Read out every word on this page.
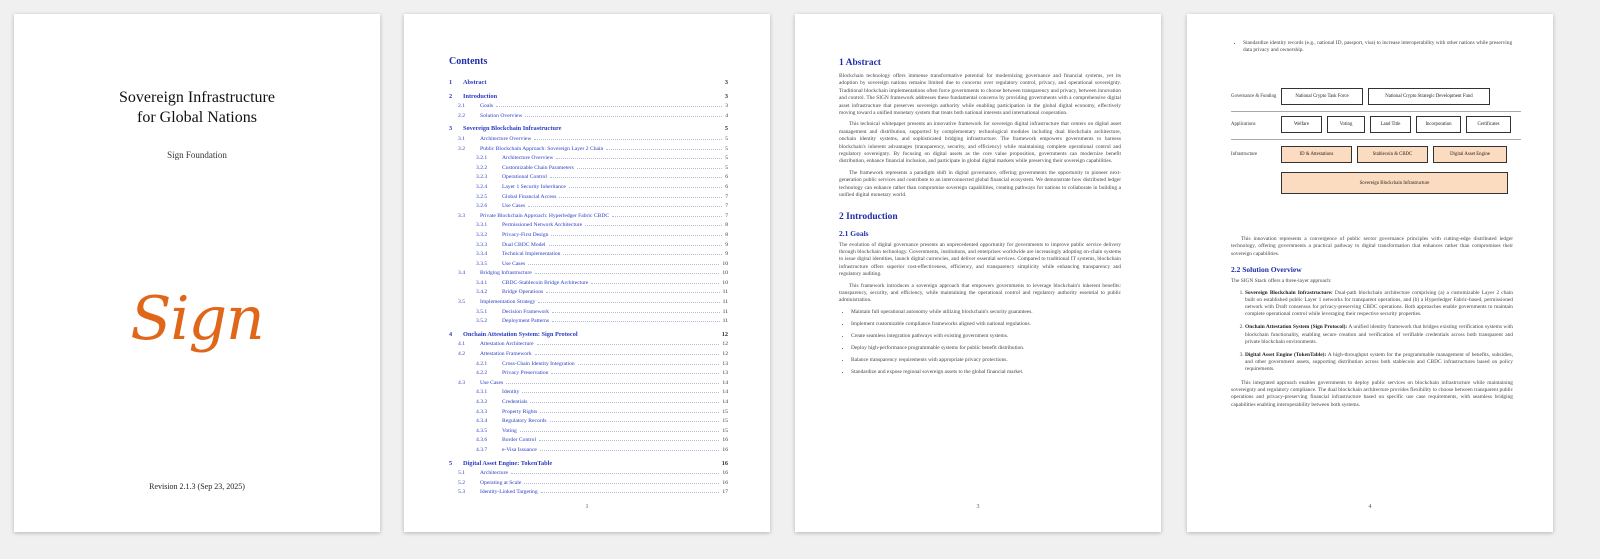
Sovereign Infrastructure
for Global Nations
Sign Foundation
Sign
Revision 2.1.3 (Sep 23, 2025)
Contents
1	Abstract	3
2	Introduction	3
2.1	Goals	3
2.2	Solution Overview	4
3	Sovereign Blockchain Infrastructure	5
3.1	Architecture Overview	5
3.2	Public Blockchain Approach: Sovereign Layer 2 Chain	5
3.2.1	Architecture Overview	5
3.2.2	Customizable Chain Parameters	5
3.2.3	Operational Control	6
3.2.4	Layer 1 Security Inheritance	6
3.2.5	Global Financial Access	7
3.2.6	Use Cases	7
3.3	Private Blockchain Approach: Hyperledger Fabric CBDC	7
3.3.1	Permissioned Network Architecture	8
3.3.2	Privacy-First Design	8
3.3.3	Dual CBDC Model	9
3.3.4	Technical Implementation	9
3.3.5	Use Cases	10
3.4	Bridging Infrastructure	10
3.4.1	CBDC-Stablecoin Bridge Architecture	10
3.4.2	Bridge Operations	11
3.5	Implementation Strategy	11
3.5.1	Decision Framework	11
3.5.2	Deployment Patterns	11
4	Onchain Attestation System: Sign Protocol	12
4.1	Attestation Architecture	12
4.2	Attestation Framework	12
4.2.1	Cross-Chain Identity Integration	13
4.2.2	Privacy Preservation	13
4.3	Use Cases	14
4.3.1	Identity	14
4.3.2	Credentials	14
4.3.3	Property Rights	15
4.3.4	Regulatory Records	15
4.3.5	Voting	15
4.3.6	Border Control	16
4.3.7	e-Visa Issuance	16
5	Digital Asset Engine: TokenTable	16
5.1	Architecture	16
5.2	Operating at Scale	16
5.3	Identity-Linked Targeting	17
1
1 Abstract

Blockchain technology offers immense transformative potential for modernizing governance and financial systems, yet its adoption by sovereign nations remains limited due to concerns over regulatory control, privacy, and operational sovereignty. Traditional blockchain implementations often force governments to choose between transparency and privacy, between innovation and control. The SIGN framework addresses these fundamental concerns by providing governments with a comprehensive digital asset infrastructure that preserves sovereign authority while enabling participation in the global digital economy, effectively moving toward a unified monetary system that treats both national interests and international cooperation.

This technical whitepaper presents an innovative framework for sovereign digital infrastructure that centers on digital asset management and distribution, supported by complementary technological modules including dual blockchain architecture, onchain identity systems, and sophisticated bridging infrastructure. The framework empowers governments to harness blockchain's inherent advantages (transparency, security, and efficiency) while maintaining complete operational control and regulatory sovereignty. By focusing on digital assets as the core value proposition, governments can modernize benefit distribution, enhance financial inclusion, and participate in global digital markets while preserving their sovereign capabilities.

The framework represents a paradigm shift in digital governance, offering governments the opportunity to pioneer next-generation public services and contribute to an interconnected global financial ecosystem. We demonstrate how distributed ledger technology can enhance rather than compromise sovereign capabilities, creating pathways for nations to collaborate in building a unified digital monetary world.

2 Introduction
2.1 Goals

The evolution of digital governance presents an unprecedented opportunity for governments to improve public service delivery through blockchain technology. Governments, institutions, and enterprises worldwide are increasingly adopting on-chain systems to issue digital identities, launch digital currencies, and deliver essential services. Compared to traditional IT systems, blockchain infrastructure offers superior cost-effectiveness, efficiency, and transparency simplicity while enhancing transparency and regulatory auditing.

This framework introduces a sovereign approach that empowers governments to leverage blockchain's inherent benefits: transparency, security, and efficiency, while maintaining the operational control and regulatory authority essential to public administration.

• Maintain full operational autonomy while utilizing blockchain's security guarantees.
• Implement customizable compliance frameworks aligned with national regulations.
• Create seamless integration pathways with existing government systems.
• Deploy high-performance programmable systems for public benefit distribution.
• Balance transparency requirements with appropriate privacy protections.
• Standardize and expose regional sovereign assets to the global financial market.
3
• Standardize identity records (e.g., national ID, passport, visa) to increase interoperability with other nations while preserving data privacy and ownership.
Governance & Funding	National Crypto Task Force	National Crypto Strategic Development Fund
Applications	Welfare	Voting	Land Title	Incorporation	Certificates
Infrastructure	ID & Attestations	Stablecoin & CBDC	Digital Asset Engine
Sovereign Blockchain Infrastructure

This innovation represents a convergence of public sector governance principles with cutting-edge distributed ledger technology, offering governments a practical pathway to digital transformation that enhances rather than compromises their sovereign capabilities.

2.2 Solution Overview

The SIGN Stack offers a three-layer approach:

1. Sovereign Blockchain Infrastructure: Dual-path blockchain architecture comprising (a) a customizable Layer 2 chain built on established public Layer 1 networks for transparent operations, and (b) a Hyperledger Fabric-based, permissioned network with Draft consensus for privacy-preserving CBDC operations. Both approaches enable governments to maintain complete operational control while leveraging their respective security properties.
2. Onchain Attestation System (Sign Protocol): A unified identity framework that bridges existing verification systems with blockchain functionality, enabling secure creation and verification of verifiable credentials across both transparent and private blockchain environments.
3. Digital Asset Engine (TokenTable): A high-throughput system for the programmable management of benefits, subsidies, and other government assets, supporting distribution across both stablecoin and CBDC infrastructures based on policy requirements.

This integrated approach enables governments to deploy public services on blockchain infrastructure while maintaining sovereignty and regulatory compliance. The dual blockchain architecture provides flexibility to choose between transparent public operations and privacy-preserving financial infrastructure based on specific use case requirements, with seamless bridging capabilities enabling interoperability between both systems.

4
